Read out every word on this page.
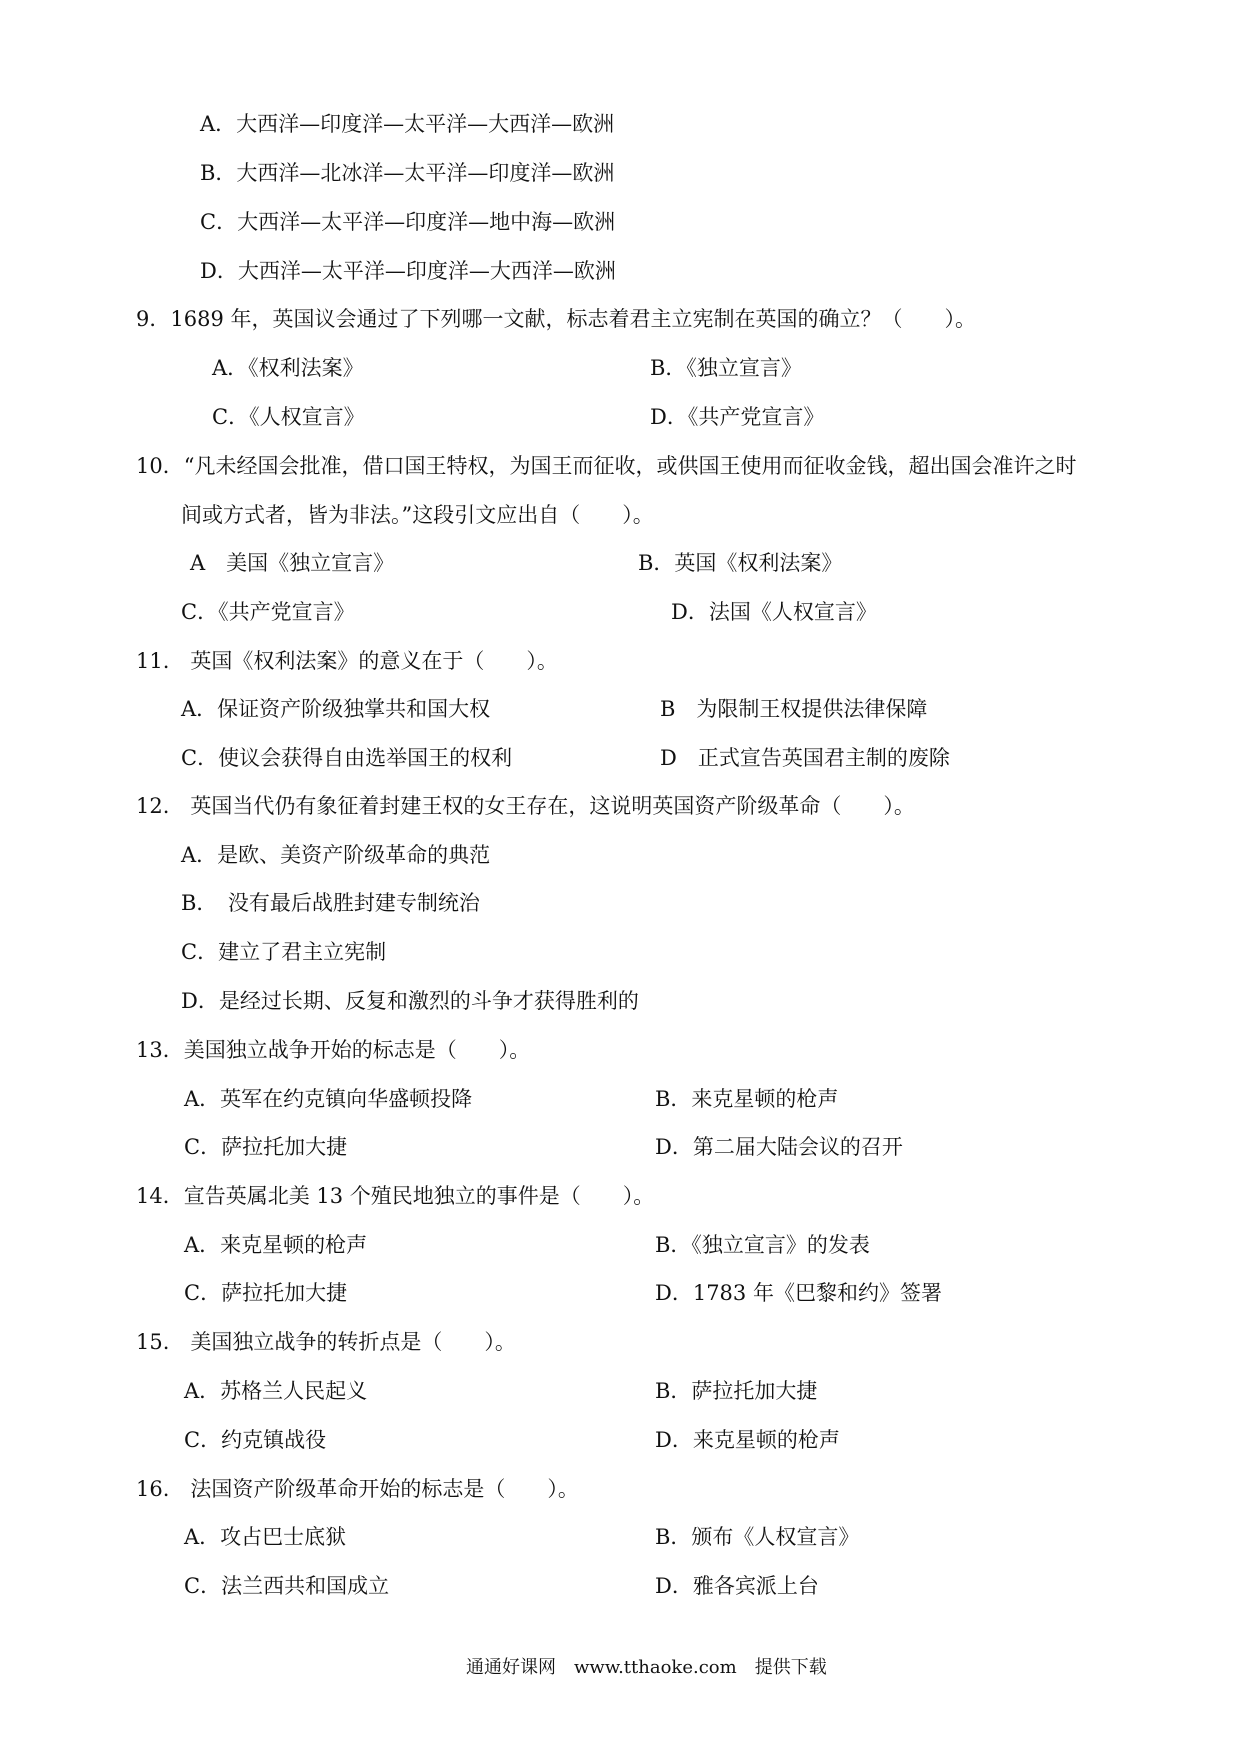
A．大西洋—印度洋—太平洋—大西洋—欧洲
B．大西洋—北冰洋—太平洋—印度洋—欧洲
C．大西洋—太平洋—印度洋—地中海—欧洲
D．大西洋—太平洋—印度洋—大西洋—欧洲
9．1689 年，英国议会通过了下列哪一文献，标志着君主立宪制在英国的确立？（　　）。
A．《权利法案》	B．《独立宣言》
C．《人权宣言》	D．《共产党宣言》
10．“凡未经国会批准，借口国王特权，为国王而征收，或供国王使用而征收金钱，超出国会准许之时
间或方式者，皆为非法。”这段引文应出自（　　）。
A　美国《独立宣言》	B．英国《权利法案》
C．《共产党宣言》	D．法国《人权宣言》
11.　英国《权利法案》的意义在于（　　）。
A．保证资产阶级独掌共和国大权	B　为限制王权提供法律保障
C．使议会获得自由选举国王的权利	D　正式宣告英国君主制的废除
12.　英国当代仍有象征着封建王权的女王存在，这说明英国资产阶级革命（　　）。
A．是欧、美资产阶级革命的典范
B．　没有最后战胜封建专制统治
C．建立了君主立宪制
D．是经过长期、反复和激烈的斗争才获得胜利的
13．美国独立战争开始的标志是（　　）。
A．英军在约克镇向华盛顿投降	B．来克星顿的枪声
C．萨拉托加大捷	D．第二届大陆会议的召开
14．宣告英属北美 13 个殖民地独立的事件是（　　）。
A．来克星顿的枪声	B．《独立宣言》的发表
C．萨拉托加大捷	D．1783 年《巴黎和约》签署
15.　美国独立战争的转折点是（　　）。
A．苏格兰人民起义	B．萨拉托加大捷
C．约克镇战役	D．来克星顿的枪声
16.　法国资产阶级革命开始的标志是（　　）。
A．攻占巴士底狱	B．颁布《人权宣言》
C．法兰西共和国成立	D．雅各宾派上台
通通好课网　www.tthaoke.com　提供下载
